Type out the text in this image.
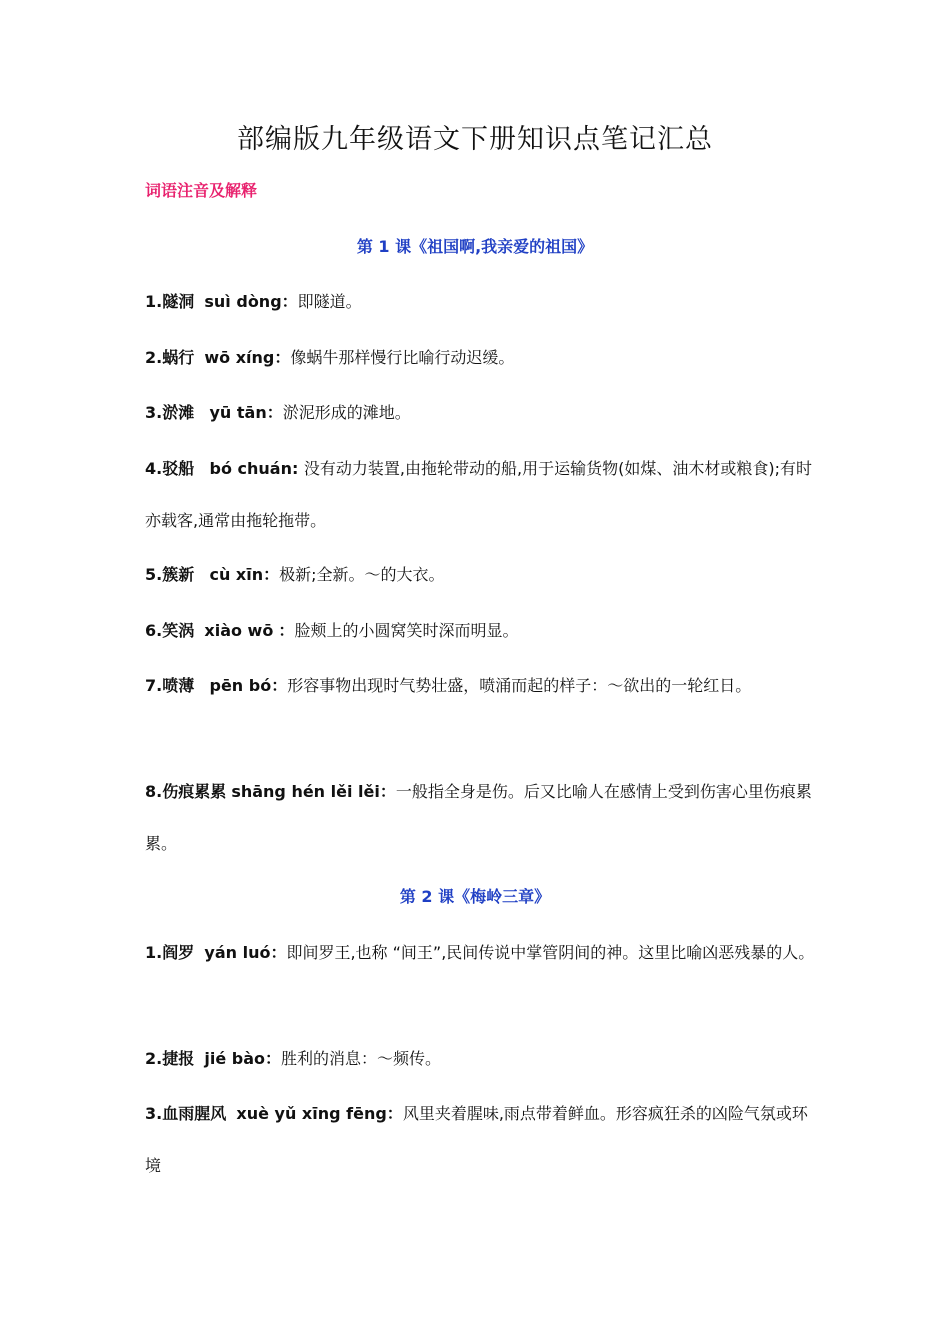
部编版九年级语文下册知识点笔记汇总
词语注音及解释
第 1 课《祖国啊,我亲爱的祖国》
1.隧洞 suì dòng：即隧道。
2.蜗行 wō xíng：像蜗牛那样慢行比喻行动迟缓。
3.淤滩 yū tān：淤泥形成的滩地。
4.驳船 bó chuán: 没有动力装置,由拖轮带动的船,用于运输货物(如煤、油木材或粮食);有时亦载客,通常由拖轮拖带。
5.簇新 cù xīn：极新;全新。～的大衣。
6.笑涡 xiào wō ：脸颊上的小圆窝笑时深而明显。
7.喷薄 pēn bó：形容事物出现时气势壮盛，喷涌而起的样子：～欲出的一轮红日。
8.伤痕累累 shāng hén lěi lěi：一般指全身是伤。后又比喻人在感情上受到伤害心里伤痕累累。
第 2 课《梅岭三章》
1.阎罗 yán luó：即间罗王,也称 “间王”,民间传说中掌管阴间的神。这里比喻凶恶残暴的人。
2.捷报 jié bào：胜利的消息：～频传。
3.血雨腥风 xuè yǔ xīng fēng：风里夹着腥味,雨点带着鲜血。形容疯狂杀的凶险气氛或环境
